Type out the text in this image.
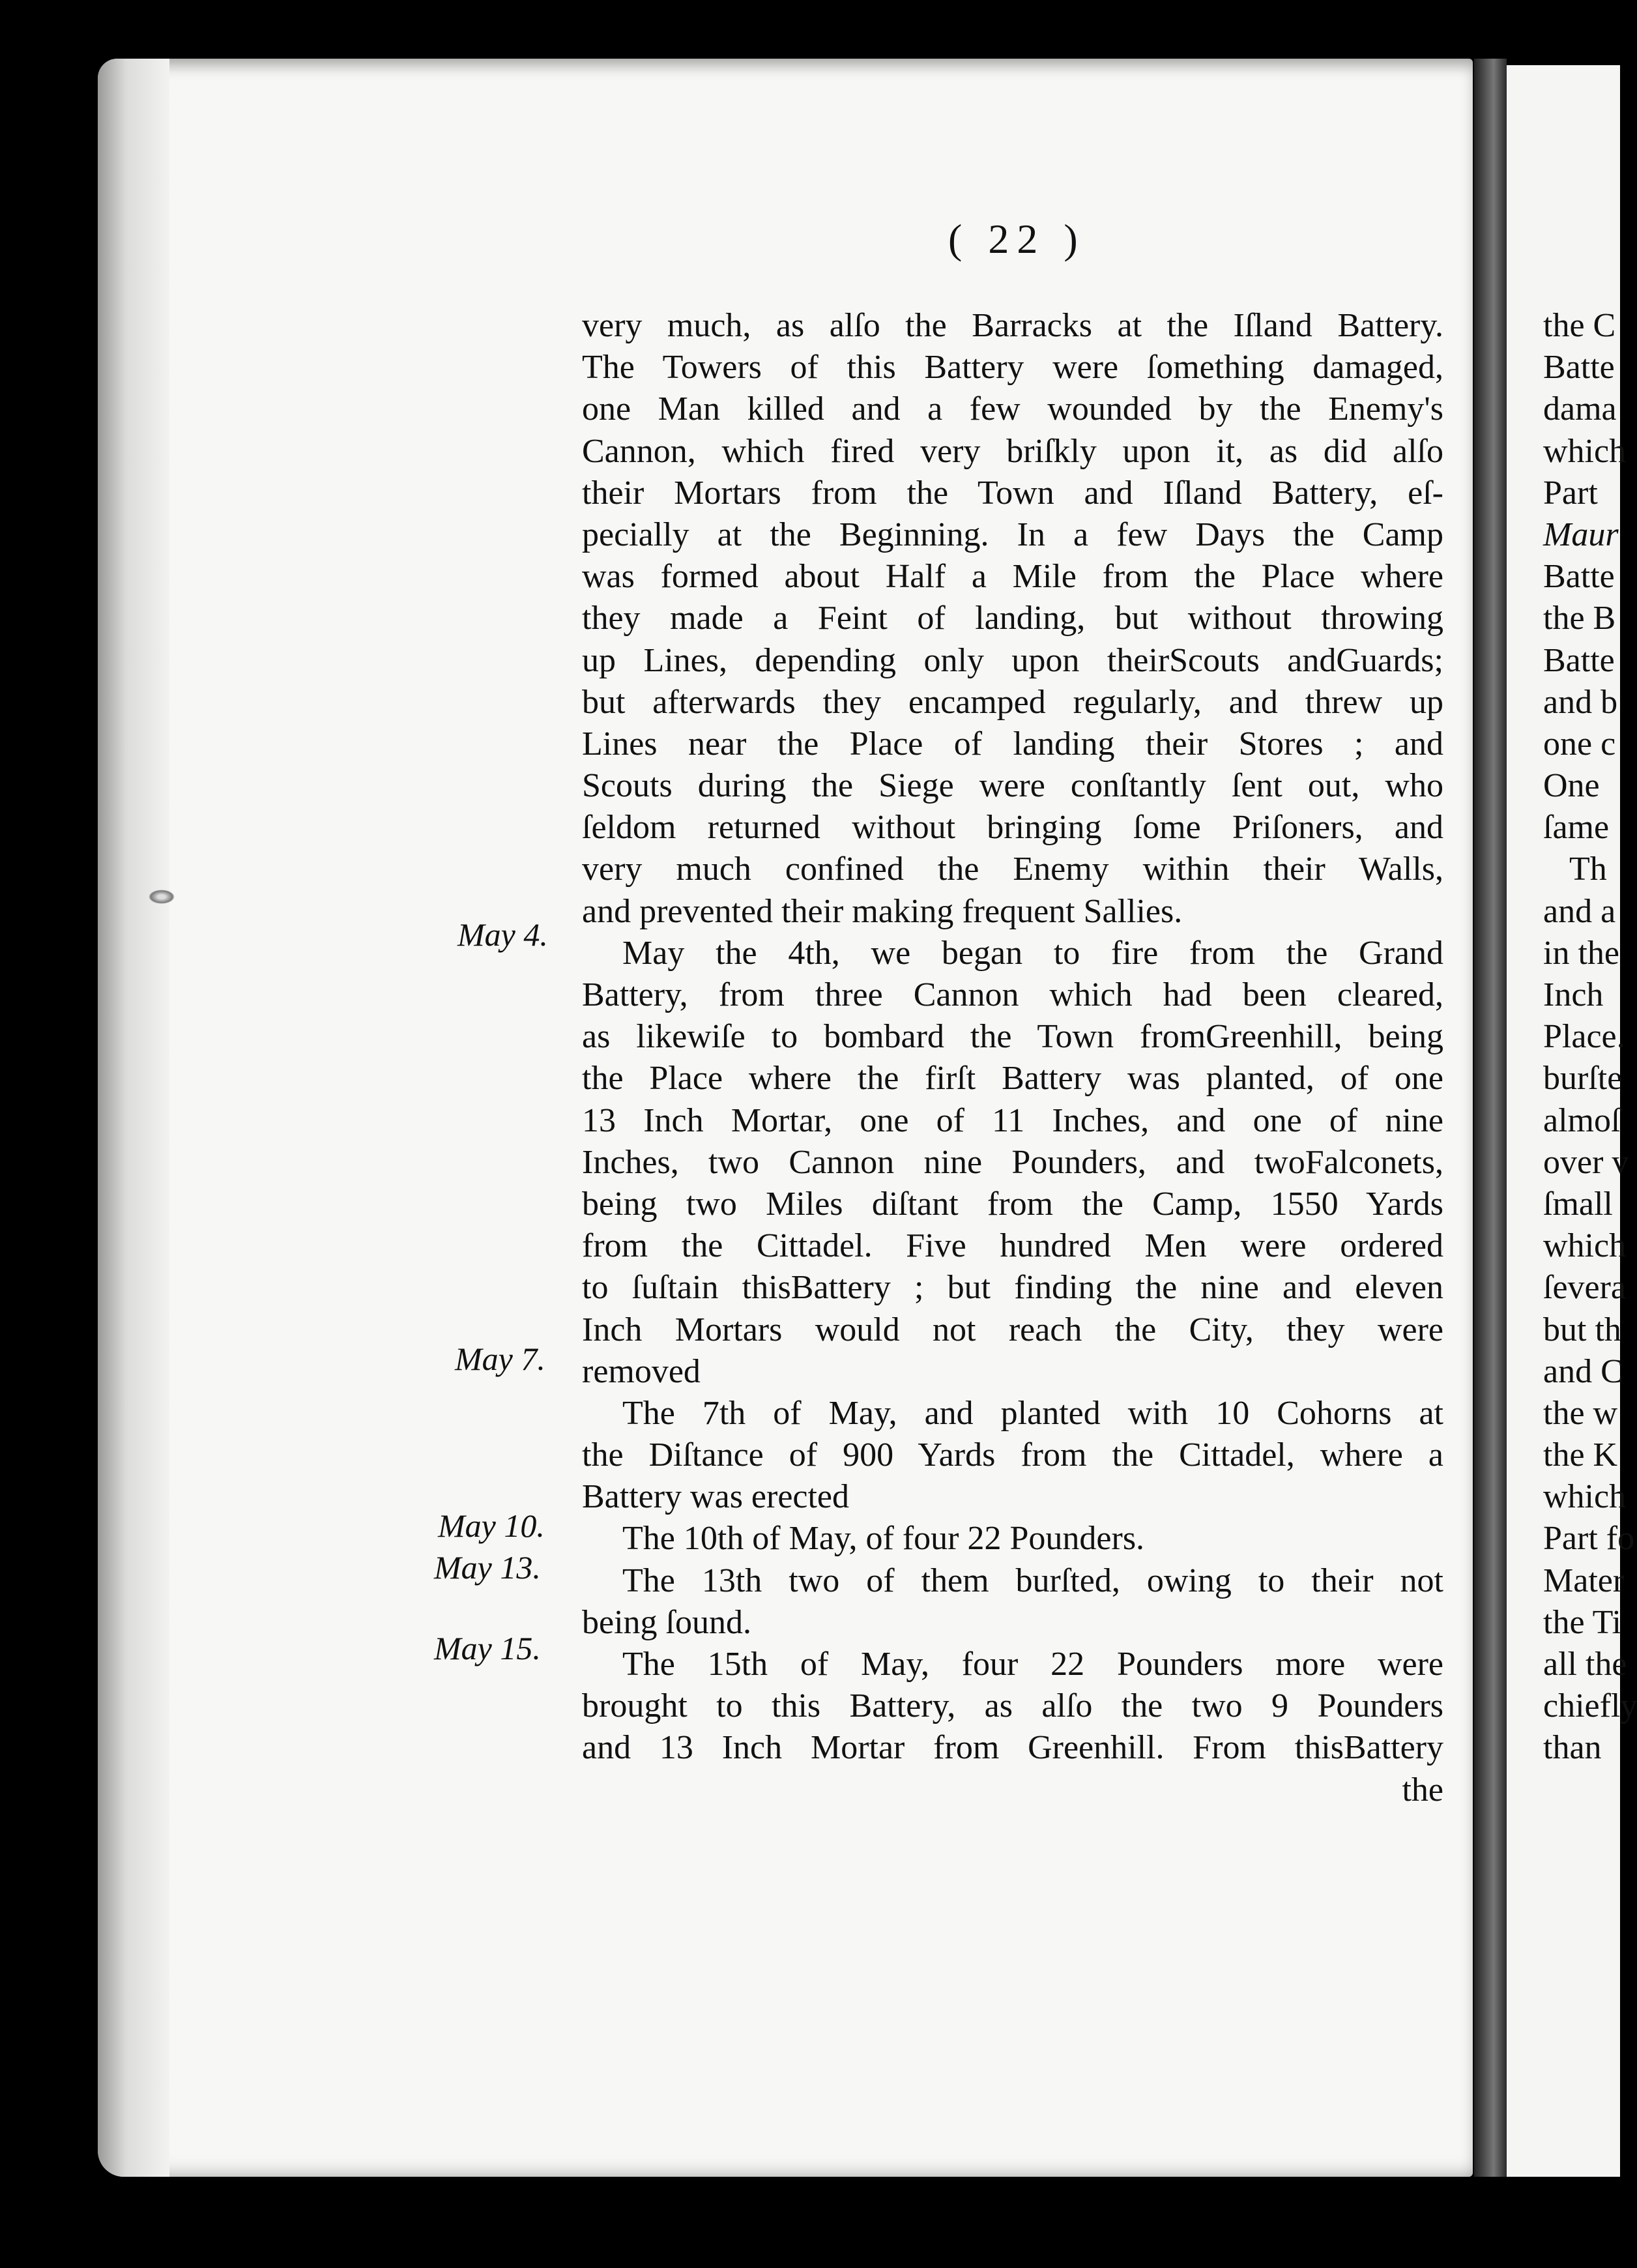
( 22 )
May 4.
May 7.
May 10.
May 13.
May 15.
very much, as alſo the Barracks at the Iſland Battery.
The Towers of this Battery were ſomething damaged,
one Man killed and a few wounded by the Enemy's
Cannon, which fired very briſkly upon it, as did alſo
their Mortars from the Town and Iſland Battery, eſ-
pecially at the Beginning. In a few Days the Camp
was formed about Half a Mile from the Place where
they made a Feint of landing, but without throwing
up Lines, depending only upon theirScouts andGuards;
but afterwards they encamped regularly, and threw up
Lines near the Place of landing their Stores ; and
Scouts during the Siege were conſtantly ſent out, who
ſeldom returned without bringing ſome Priſoners, and
very much confined the Enemy within their Walls,
and prevented their making frequent Sallies.
May the 4th, we began to fire from the Grand
Battery, from three Cannon which had been cleared,
as likewiſe to bombard the Town fromGreenhill, being
the Place where the firſt Battery was planted, of one
13 Inch Mortar, one of 11 Inches, and one of nine
Inches, two Cannon nine Pounders, and twoFalconets,
being two Miles diſtant from the Camp, 1550 Yards
from the Cittadel. Five hundred Men were ordered
to ſuſtain thisBattery ; but finding the nine and eleven
Inch Mortars would not reach the City, they were
removed
The 7th of May, and planted with 10 Cohorns at
the Diſtance of 900 Yards from the Cittadel, where a
Battery was erected
The 10th of May, of four 22 Pounders.
The 13th two of them burſted, owing to their not
being ſound.
The 15th of May, four 22 Pounders more were
brought to this Battery, as alſo the two 9 Pounders
and 13 Inch Mortar from Greenhill. From thisBattery
the
the C
Batte
dama
which
Part
Maur
Batte
the B
Batte
and b
one c
One
ſame
Th
and a
in the
Inch
Place.
burſte
almoſ
over v
ſmall
which
ſevera
but th
and C
the w
the K
which
Part fo
Mater
the Ti
all the
chiefly
than
